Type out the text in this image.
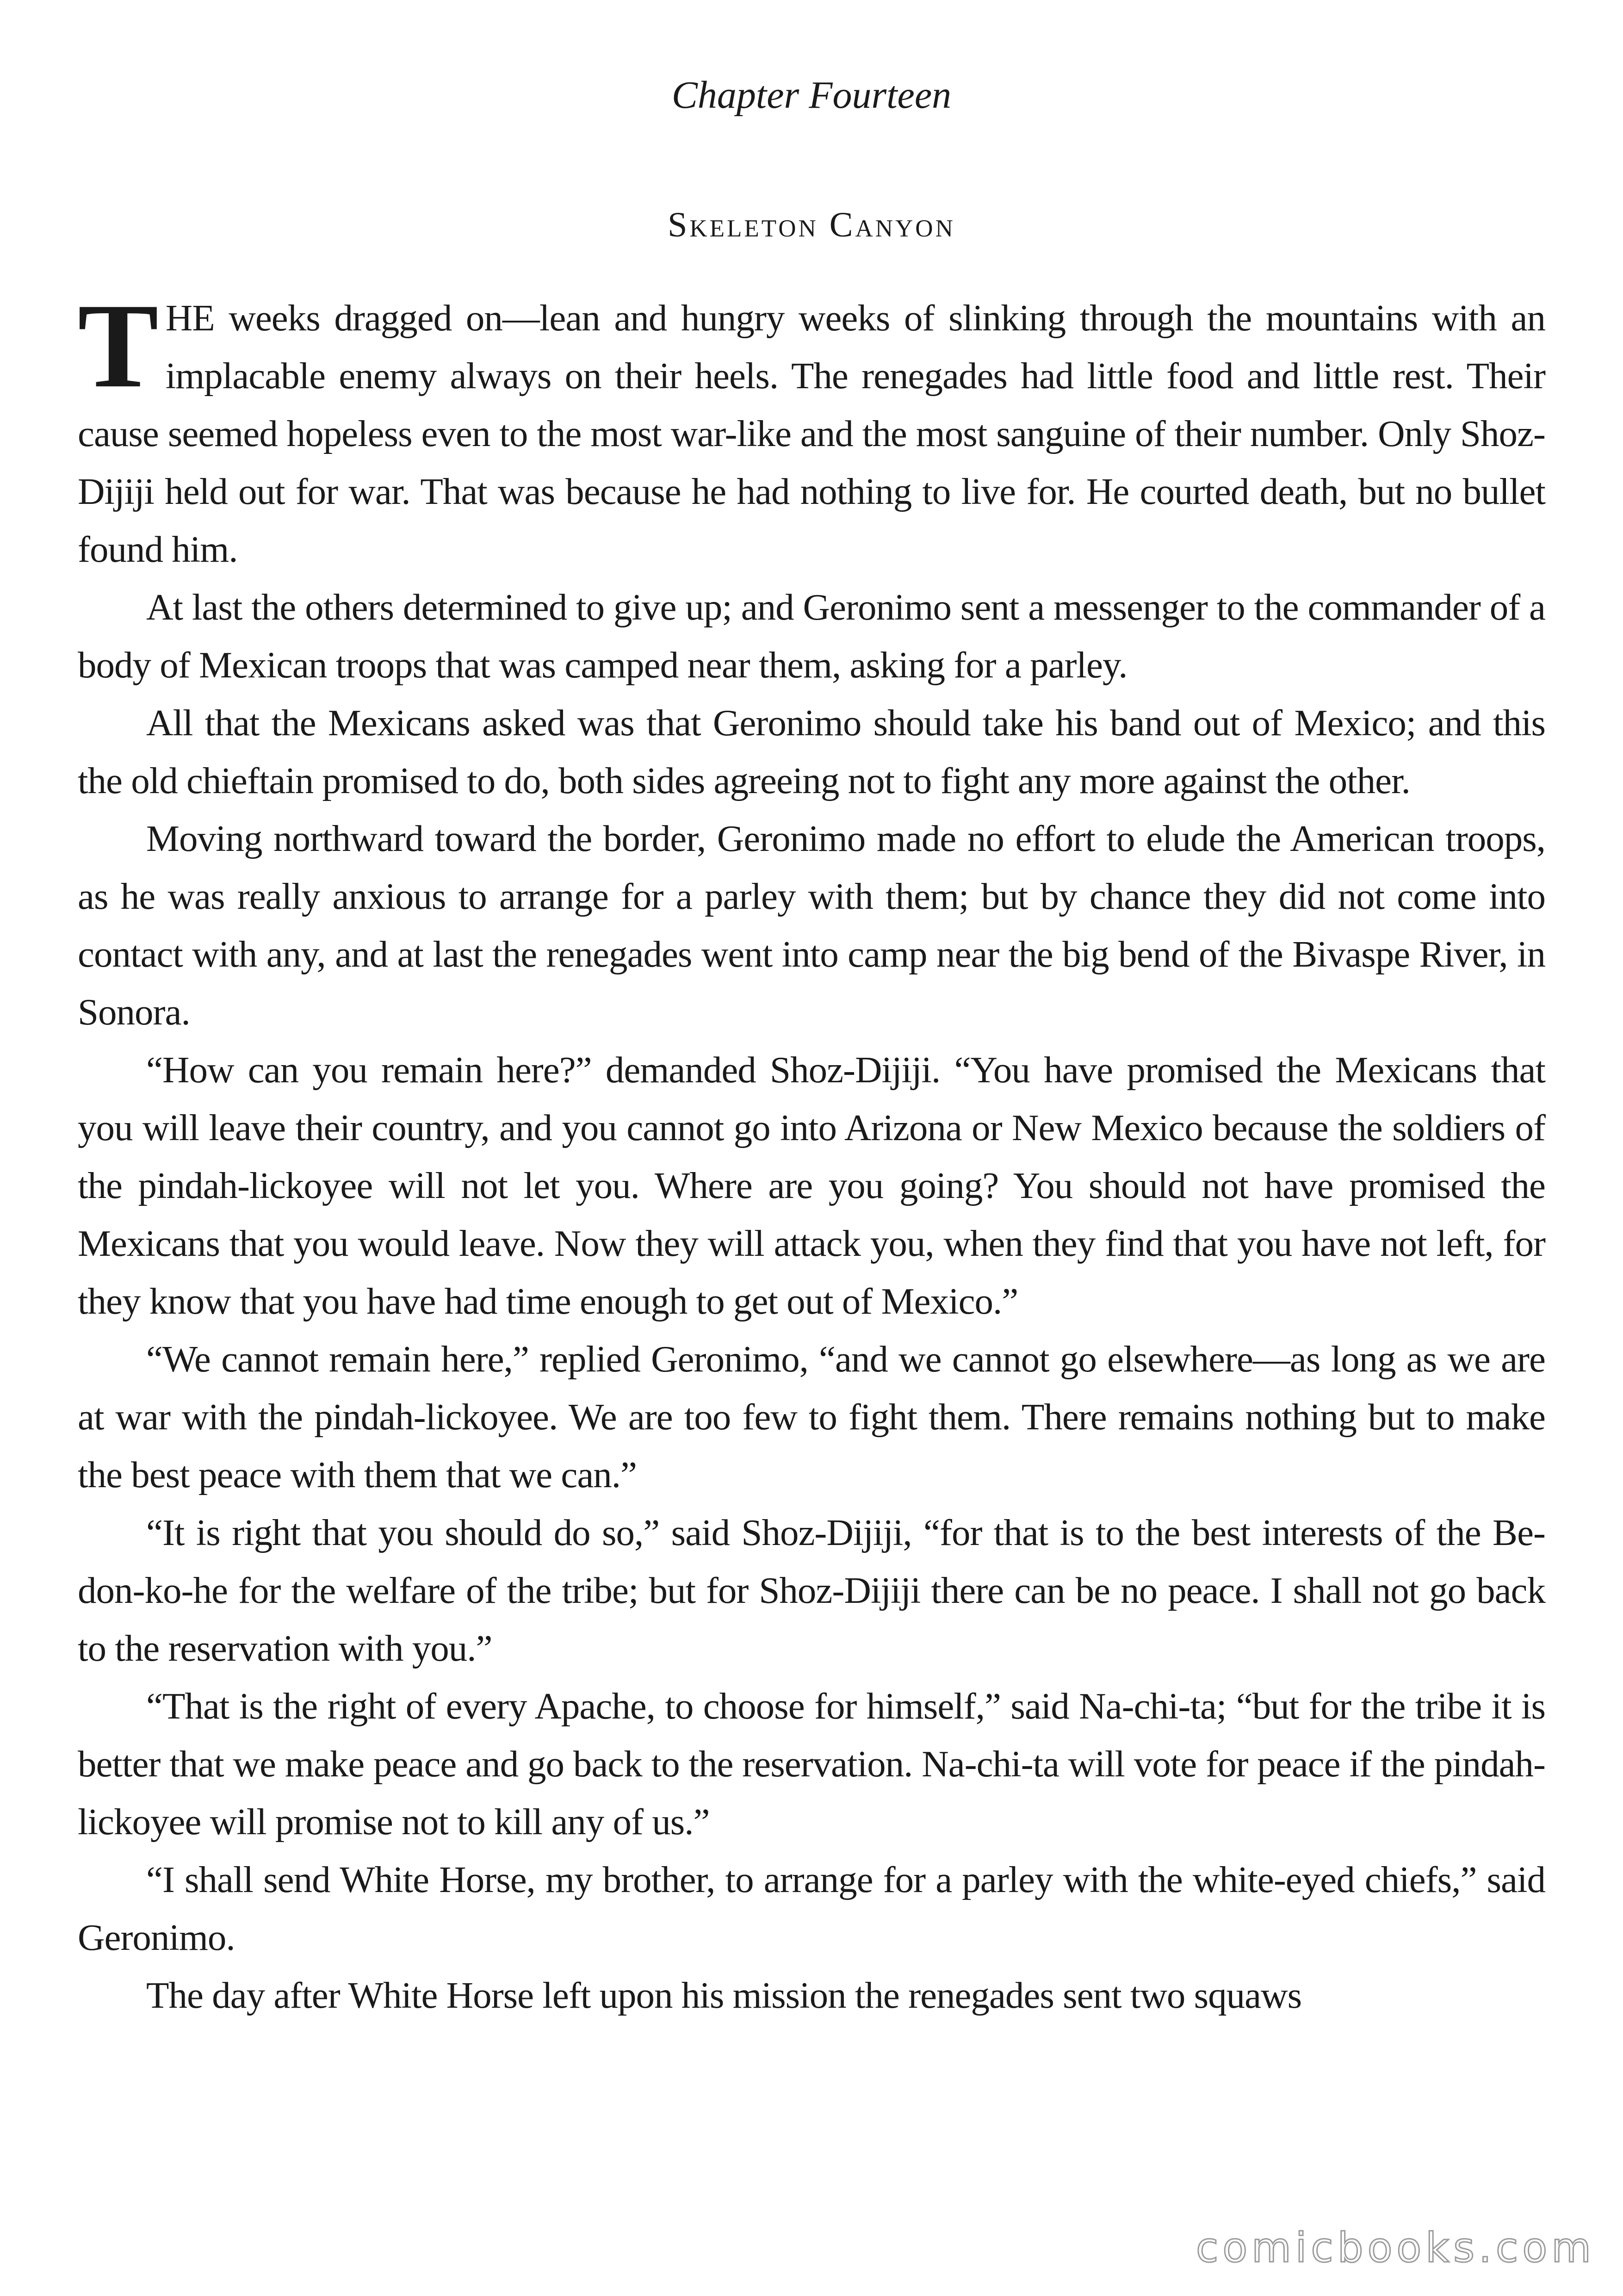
Chapter Fourteen
Skeleton Canyon

THE weeks dragged on—lean and hungry weeks of slinking through the mountains with an implacable enemy always on their heels. The renegades had little food and little rest. Their cause seemed hopeless even to the most war-like and the most sanguine of their number. Only Shoz-Dijiji held out for war. That was because he had nothing to live for. He courted death, but no bullet found him.

At last the others determined to give up; and Geronimo sent a messenger to the commander of a body of Mexican troops that was camped near them, asking for a parley.

All that the Mexicans asked was that Geronimo should take his band out of Mexico; and this the old chieftain promised to do, both sides agreeing not to fight any more against the other.

Moving northward toward the border, Geronimo made no effort to elude the American troops, as he was really anxious to arrange for a parley with them; but by chance they did not come into contact with any, and at last the renegades went into camp near the big bend of the Bivaspe River, in Sonora.

“How can you remain here?” demanded Shoz-Dijiji. “You have promised the Mexicans that you will leave their country, and you cannot go into Arizona or New Mexico because the soldiers of the pindah-lickoyee will not let you. Where are you going? You should not have promised the Mexicans that you would leave. Now they will attack you, when they find that you have not left, for they know that you have had time enough to get out of Mexico.”

“We cannot remain here,” replied Geronimo, “and we cannot go elsewhere—as long as we are at war with the pindah-lickoyee. We are too few to fight them. There remains nothing but to make the best peace with them that we can.”

“It is right that you should do so,” said Shoz-Dijiji, “for that is to the best interests of the Be-don-ko-he for the welfare of the tribe; but for Shoz-Dijiji there can be no peace. I shall not go back to the reservation with you.”

“That is the right of every Apache, to choose for himself,” said Na-chi-ta; “but for the tribe it is better that we make peace and go back to the reservation. Na-chi-ta will vote for peace if the pindah-lickoyee will promise not to kill any of us.”

“I shall send White Horse, my brother, to arrange for a parley with the white-eyed chiefs,” said Geronimo.

The day after White Horse left upon his mission the renegades sent two squaws

comicbooks.com
